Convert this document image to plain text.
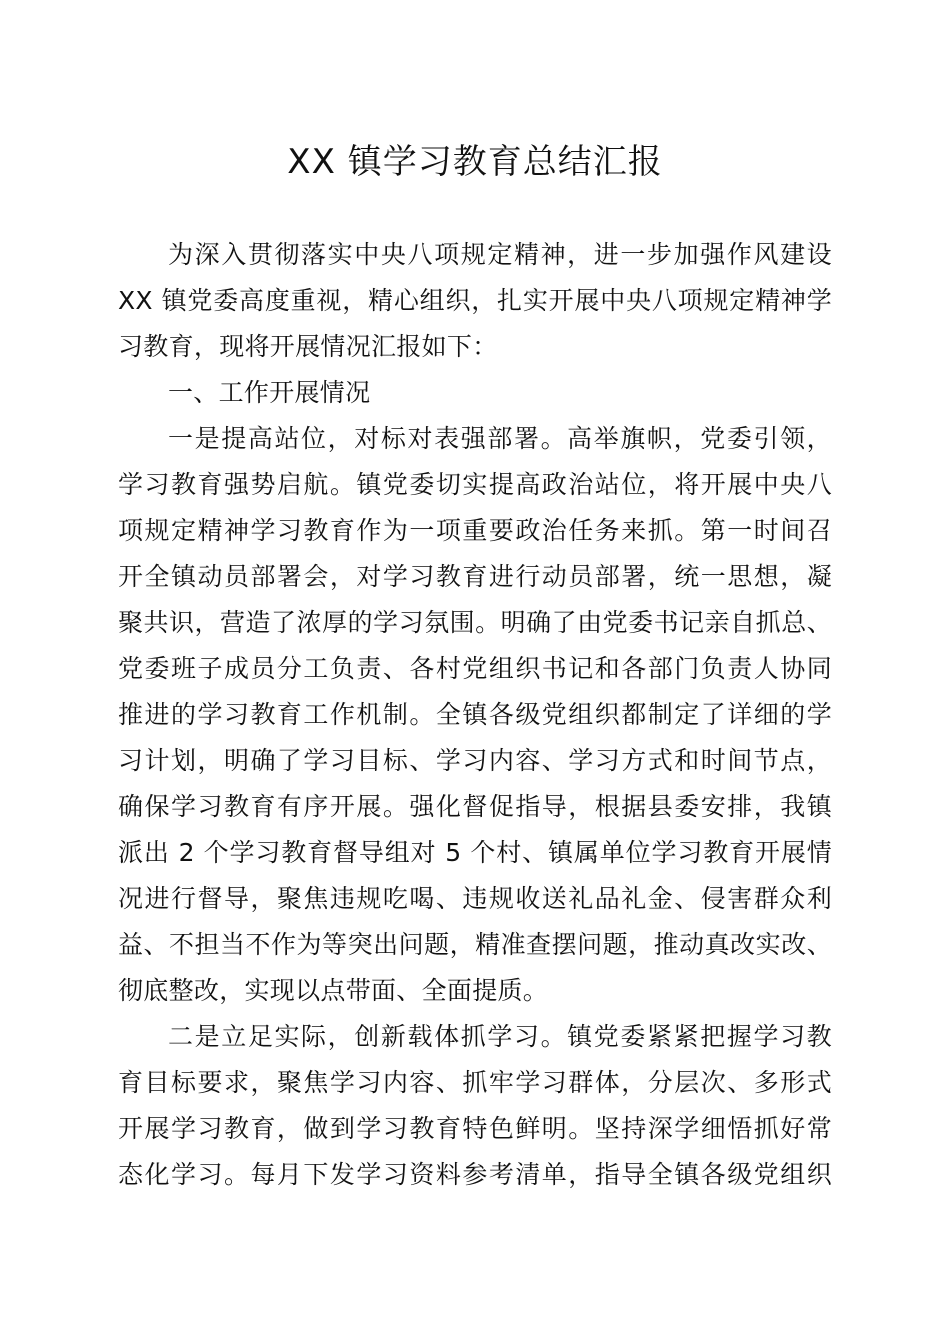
XX 镇学习教育总结汇报
为深入贯彻落实中央八项规定精神，进一步加强作风建设
XX 镇党委高度重视，精心组织，扎实开展中央八项规定精神学
习教育，现将开展情况汇报如下：
一、工作开展情况
一是提高站位，对标对表强部署。高举旗帜，党委引领，
学习教育强势启航。镇党委切实提高政治站位，将开展中央八
项规定精神学习教育作为一项重要政治任务来抓。第一时间召
开全镇动员部署会，对学习教育进行动员部署，统一思想，凝
聚共识，营造了浓厚的学习氛围。明确了由党委书记亲自抓总、
党委班子成员分工负责、各村党组织书记和各部门负责人协同
推进的学习教育工作机制。全镇各级党组织都制定了详细的学
习计划，明确了学习目标、学习内容、学习方式和时间节点，
确保学习教育有序开展。强化督促指导，根据县委安排，我镇
派出 2 个学习教育督导组对 5 个村、镇属单位学习教育开展情
况进行督导，聚焦违规吃喝、违规收送礼品礼金、侵害群众利
益、不担当不作为等突出问题，精准查摆问题，推动真改实改、
彻底整改，实现以点带面、全面提质。
二是立足实际，创新载体抓学习。镇党委紧紧把握学习教
育目标要求，聚焦学习内容、抓牢学习群体，分层次、多形式
开展学习教育，做到学习教育特色鲜明。坚持深学细悟抓好常
态化学习。每月下发学习资料参考清单，指导全镇各级党组织
